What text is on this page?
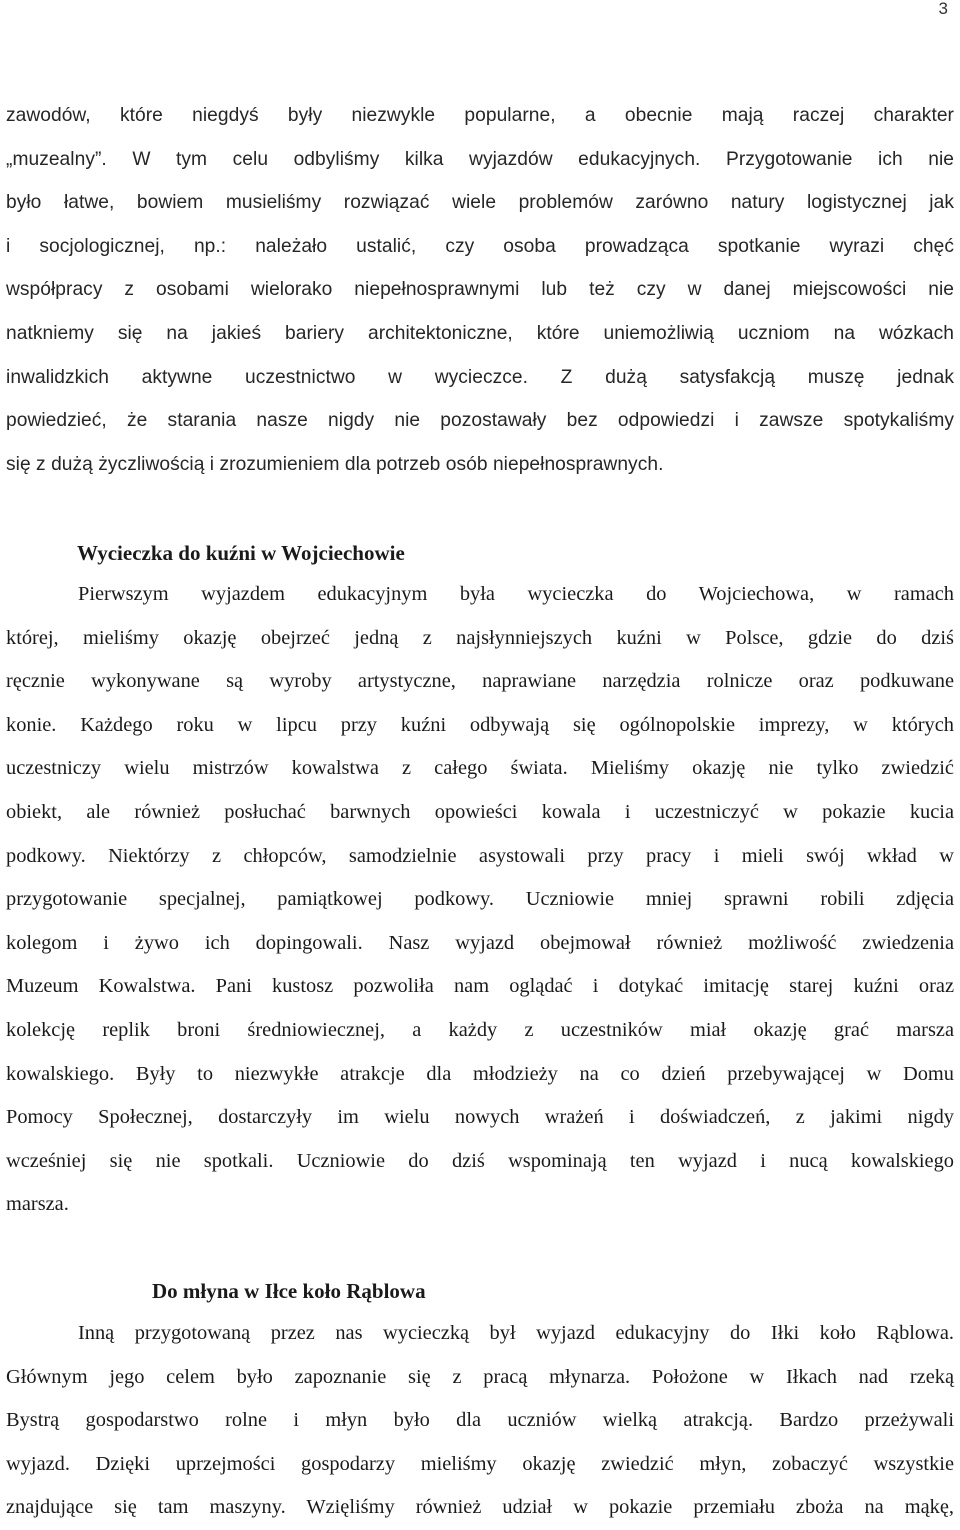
3
zawodów, które niegdyś były niezwykle popularne, a obecnie mają raczej charakter
„muzealny”. W tym celu odbyliśmy kilka wyjazdów edukacyjnych. Przygotowanie ich nie
było łatwe, bowiem musieliśmy rozwiązać wiele problemów zarówno natury logistycznej jak
i socjologicznej, np.: należało ustalić, czy osoba prowadząca spotkanie wyrazi chęć
współpracy z osobami wielorako niepełnosprawnymi lub też czy w danej miejscowości nie
natkniemy się na jakieś bariery architektoniczne, które uniemożliwią uczniom na wózkach
inwalidzkich aktywne uczestnictwo w wycieczce. Z dużą satysfakcją muszę jednak
powiedzieć, że starania nasze nigdy nie pozostawały bez odpowiedzi i zawsze spotykaliśmy
się z dużą życzliwością i zrozumieniem dla potrzeb osób niepełnosprawnych.
Wycieczka do kuźni w Wojciechowie
Pierwszym wyjazdem edukacyjnym była wycieczka do Wojciechowa, w ramach
której, mieliśmy okazję obejrzeć jedną z najsłynniejszych kuźni w Polsce, gdzie do dziś
ręcznie wykonywane są wyroby artystyczne, naprawiane narzędzia rolnicze oraz podkuwane
konie. Każdego roku w lipcu przy kuźni odbywają się ogólnopolskie imprezy, w których
uczestniczy wielu mistrzów kowalstwa z całego świata. Mieliśmy okazję nie tylko zwiedzić
obiekt, ale również posłuchać barwnych opowieści kowala i uczestniczyć w pokazie kucia
podkowy. Niektórzy z chłopców, samodzielnie asystowali przy pracy i mieli swój wkład w
przygotowanie specjalnej, pamiątkowej podkowy. Uczniowie mniej sprawni robili zdjęcia
kolegom i żywo ich dopingowali. Nasz wyjazd obejmował również możliwość zwiedzenia
Muzeum Kowalstwa. Pani kustosz pozwoliła nam oglądać i dotykać imitację starej kuźni oraz
kolekcję replik broni średniowiecznej, a każdy z uczestników miał okazję grać marsza
kowalskiego. Były to niezwykłe atrakcje dla młodzieży na co dzień przebywającej w Domu
Pomocy Społecznej, dostarczyły im wielu nowych wrażeń i doświadczeń, z jakimi nigdy
wcześniej się nie spotkali. Uczniowie do dziś wspominają ten wyjazd i nucą kowalskiego
marsza.
Do młyna w Iłce koło Rąblowa
Inną przygotowaną przez nas wycieczką był wyjazd edukacyjny do Iłki koło Rąblowa.
Głównym jego celem było zapoznanie się z pracą młynarza. Położone w Iłkach nad rzeką
Bystrą gospodarstwo rolne i młyn było dla uczniów wielką atrakcją. Bardzo przeżywali
wyjazd. Dzięki uprzejmości gospodarzy mieliśmy okazję zwiedzić młyn, zobaczyć wszystkie
znajdujące się tam maszyny. Wzięliśmy również udział w pokazie przemiału zboża na mąkę,
